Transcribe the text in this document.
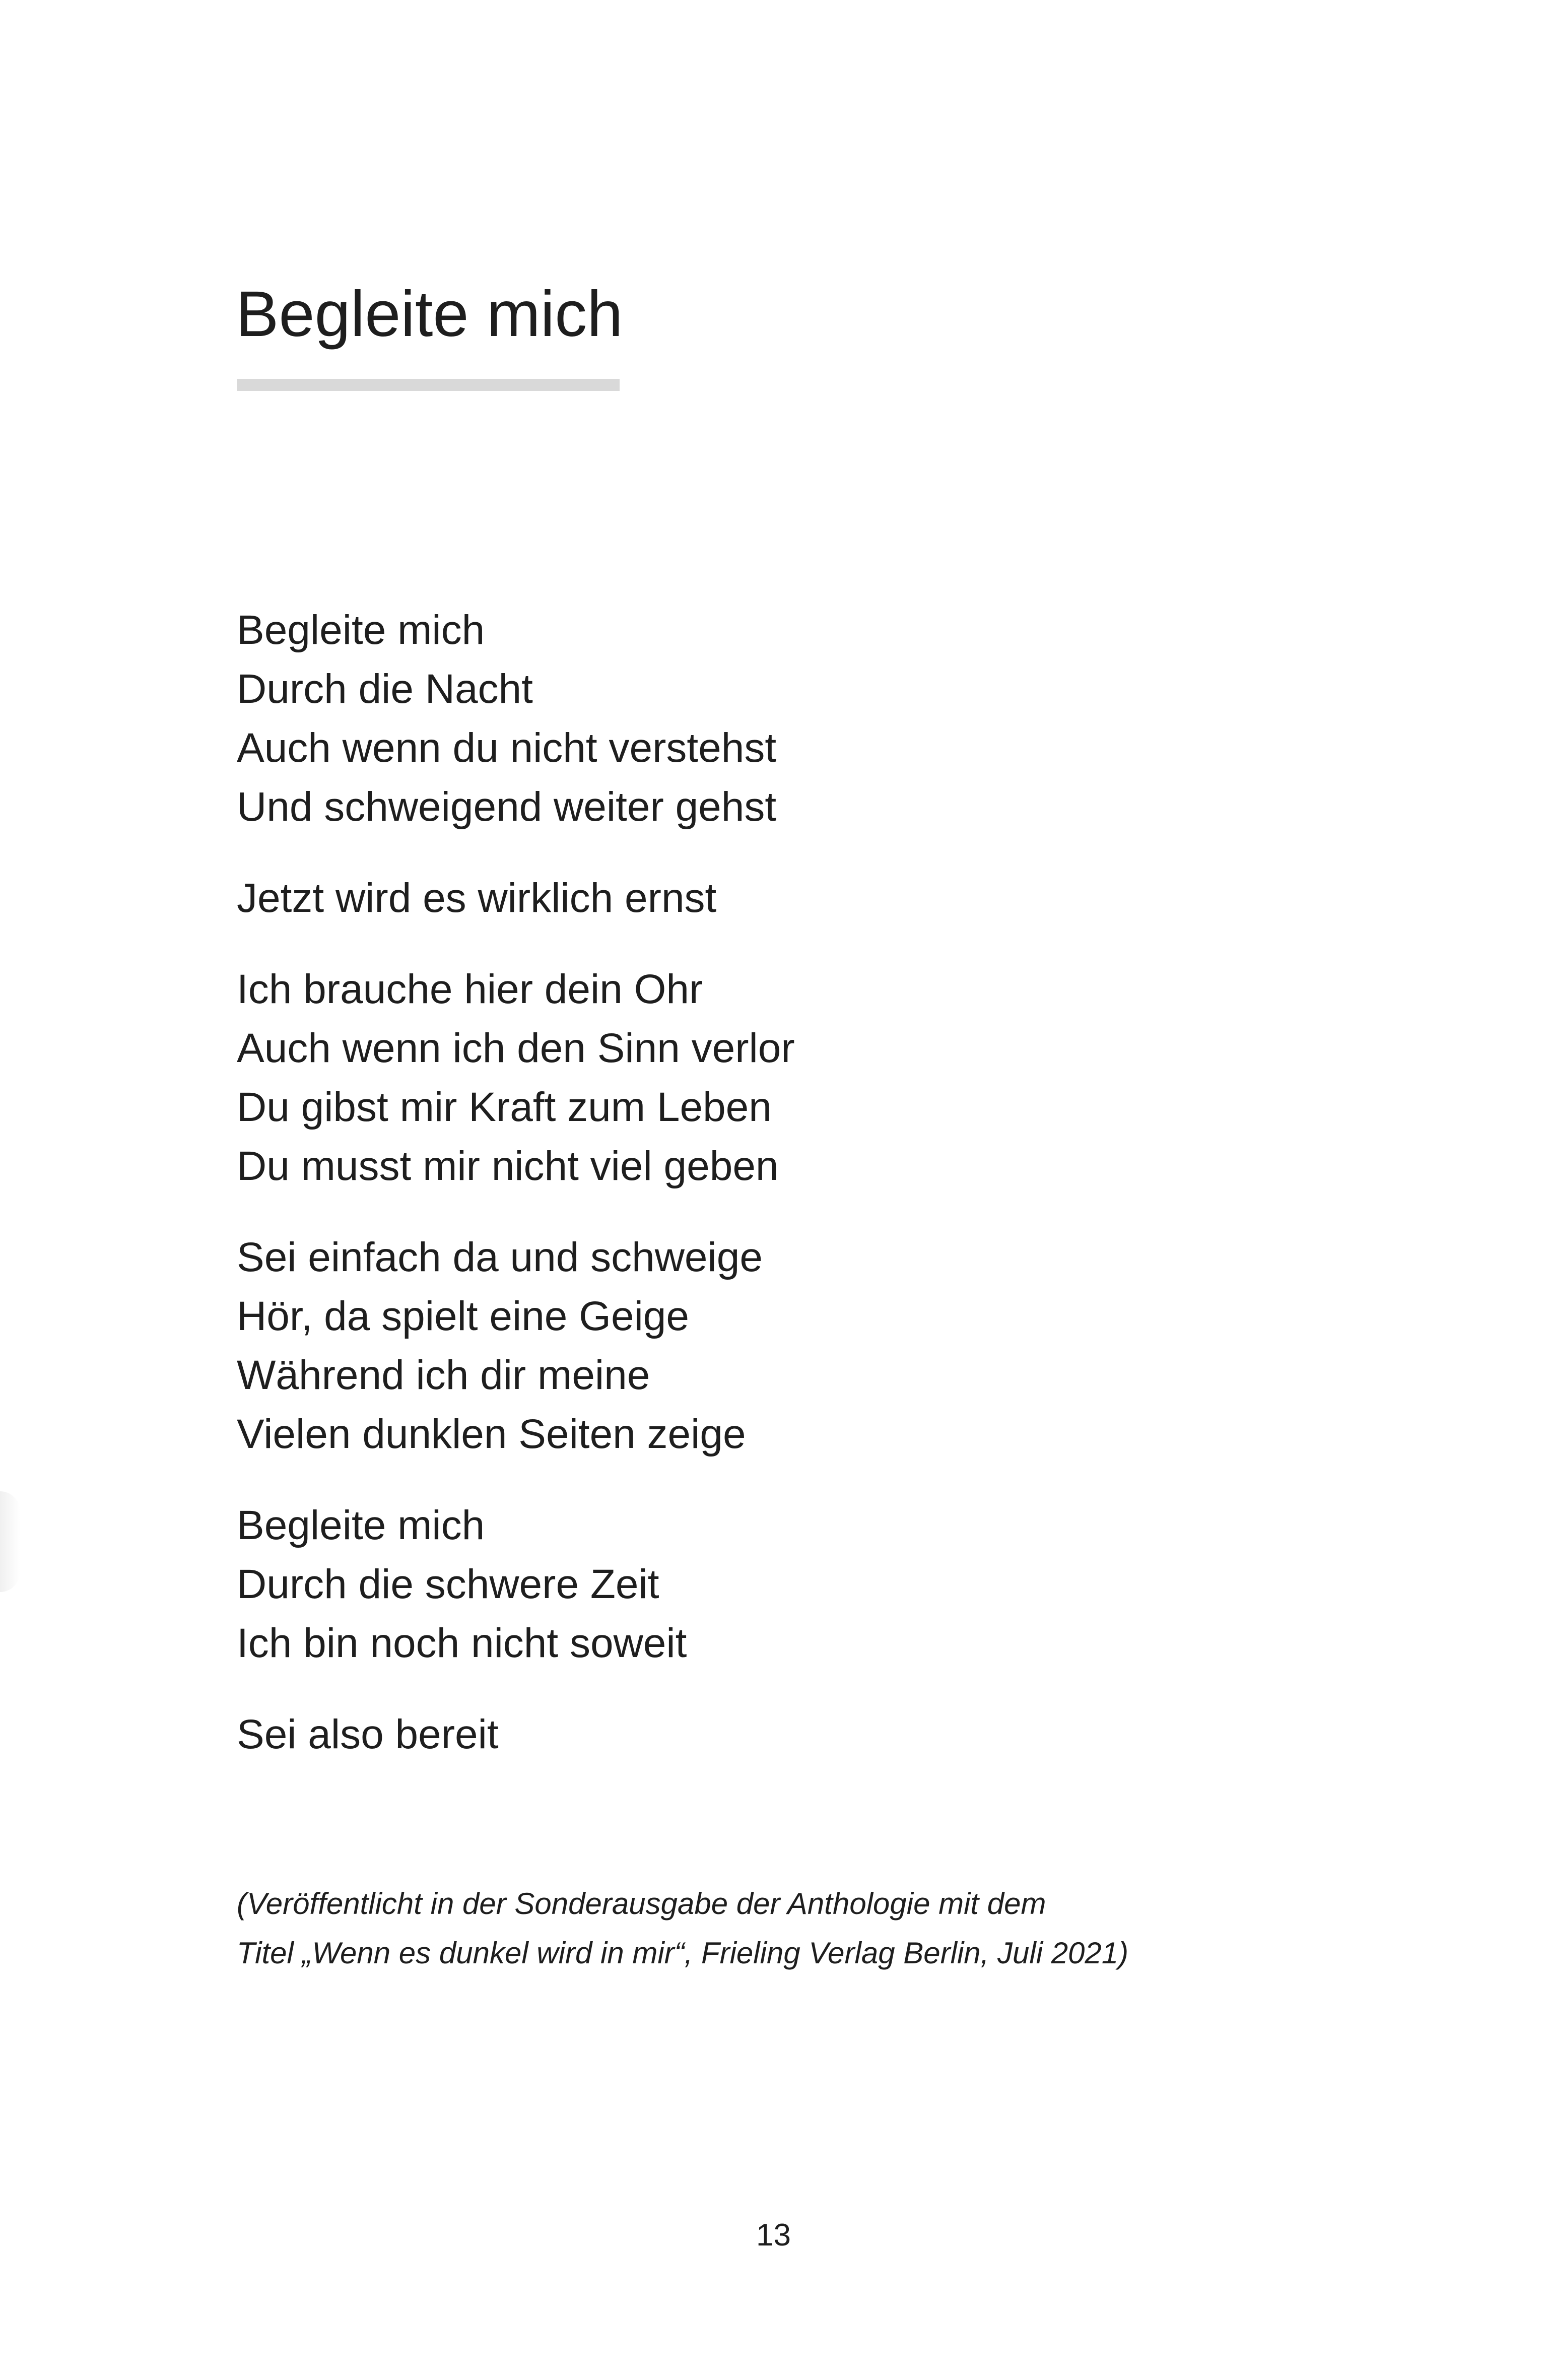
Begleite mich
Begleite mich
Durch die Nacht
Auch wenn du nicht verstehst
Und schweigend weiter gehst
Jetzt wird es wirklich ernst
Ich brauche hier dein Ohr
Auch wenn ich den Sinn verlor
Du gibst mir Kraft zum Leben
Du musst mir nicht viel geben
Sei einfach da und schweige
Hör, da spielt eine Geige
Während ich dir meine
Vielen dunklen Seiten zeige
Begleite mich
Durch die schwere Zeit
Ich bin noch nicht soweit
Sei also bereit
(Veröffentlicht in der Sonderausgabe der Anthologie mit dem
Titel „Wenn es dunkel wird in mir“, Frieling Verlag Berlin, Juli 2021)
13
